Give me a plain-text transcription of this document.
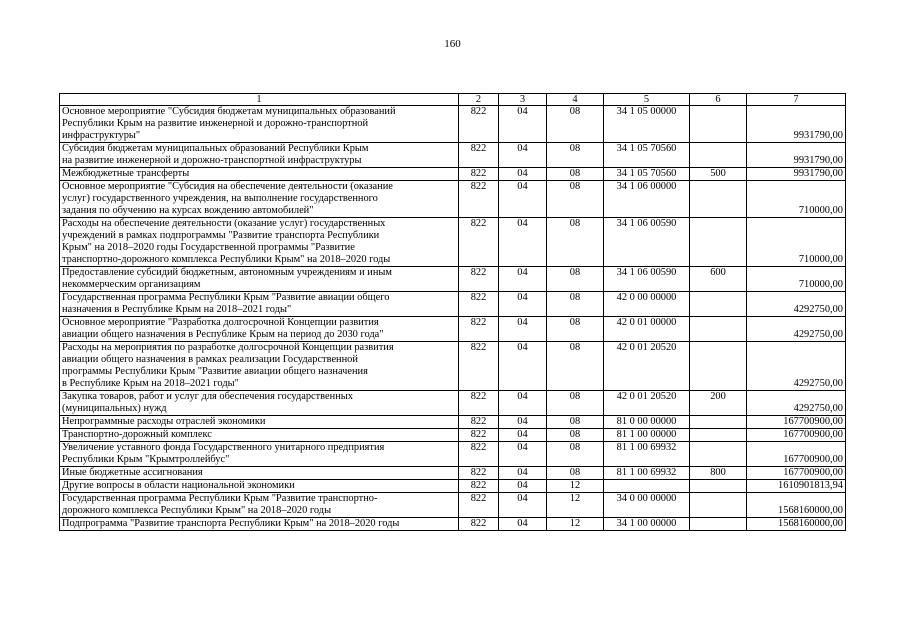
160
1	2	3	4	5	6	7

Основное мероприятие "Субсидия бюджетам муниципальных образований
Республики Крым на развитие инженерной и дорожно-транспортной
инфраструктуры"	822	04	08	34 1 05 00000		9931790,00

Субсидия бюджетам муниципальных образований Республики Крым
на развитие инженерной и дорожно-транспортной инфраструктуры	822	04	08	34 1 05 70560		9931790,00

Межбюджетные трансферты	822	04	08	34 1 05 70560	500	9931790,00

Основное мероприятие "Субсидия на обеспечение деятельности (оказание
услуг) государственного учреждения, на выполнение государственного
задания по обучению на курсах вождению автомобилей"	822	04	08	34 1 06 00000		710000,00

Расходы на обеспечение деятельности (оказание услуг) государственных
учреждений в рамках подпрограммы "Развитие транспорта Республики
Крым" на 2018–2020 годы Государственной программы "Развитие
транспортно-дорожного комплекса Республики Крым" на 2018–2020 годы	822	04	08	34 1 06 00590		710000,00

Предоставление субсидий бюджетным, автономным учреждениям и иным
некоммерческим организациям	822	04	08	34 1 06 00590	600	710000,00

Государственная программа Республики Крым "Развитие авиации общего
назначения в Республике Крым на 2018–2021 годы"	822	04	08	42 0 00 00000		4292750,00

Основное мероприятие "Разработка долгосрочной Концепции развития
авиации общего назначения в Республике Крым на период до 2030 года"	822	04	08	42 0 01 00000		4292750,00

Расходы на мероприятия по разработке долгосрочной Концепции развития
авиации общего назначения в рамках реализации Государственной
программы Республики Крым "Развитие авиации общего назначения
в Республике Крым на 2018–2021 годы"	822	04	08	42 0 01 20520		4292750,00

Закупка товаров, работ и услуг для обеспечения государственных
(муниципальных) нужд	822	04	08	42 0 01 20520	200	4292750,00

Непрограммные расходы отраслей экономики	822	04	08	81 0 00 00000		167700900,00

Транспортно-дорожный комплекс	822	04	08	81 1 00 00000		167700900,00

Увеличение уставного фонда Государственного унитарного предприятия
Республики Крым "Крымтроллейбус"	822	04	08	81 1 00 69932		167700900,00

Иные бюджетные ассигнования	822	04	08	81 1 00 69932	800	167700900,00

Другие вопросы в области национальной экономики	822	04	12			1610901813,94

Государственная программа Республики Крым "Развитие транспортно-
дорожного комплекса Республики Крым" на 2018–2020 годы	822	04	12	34 0 00 00000		1568160000,00

Подпрограмма "Развитие транспорта Республики Крым" на 2018–2020 годы	822	04	12	34 1 00 00000		1568160000,00
